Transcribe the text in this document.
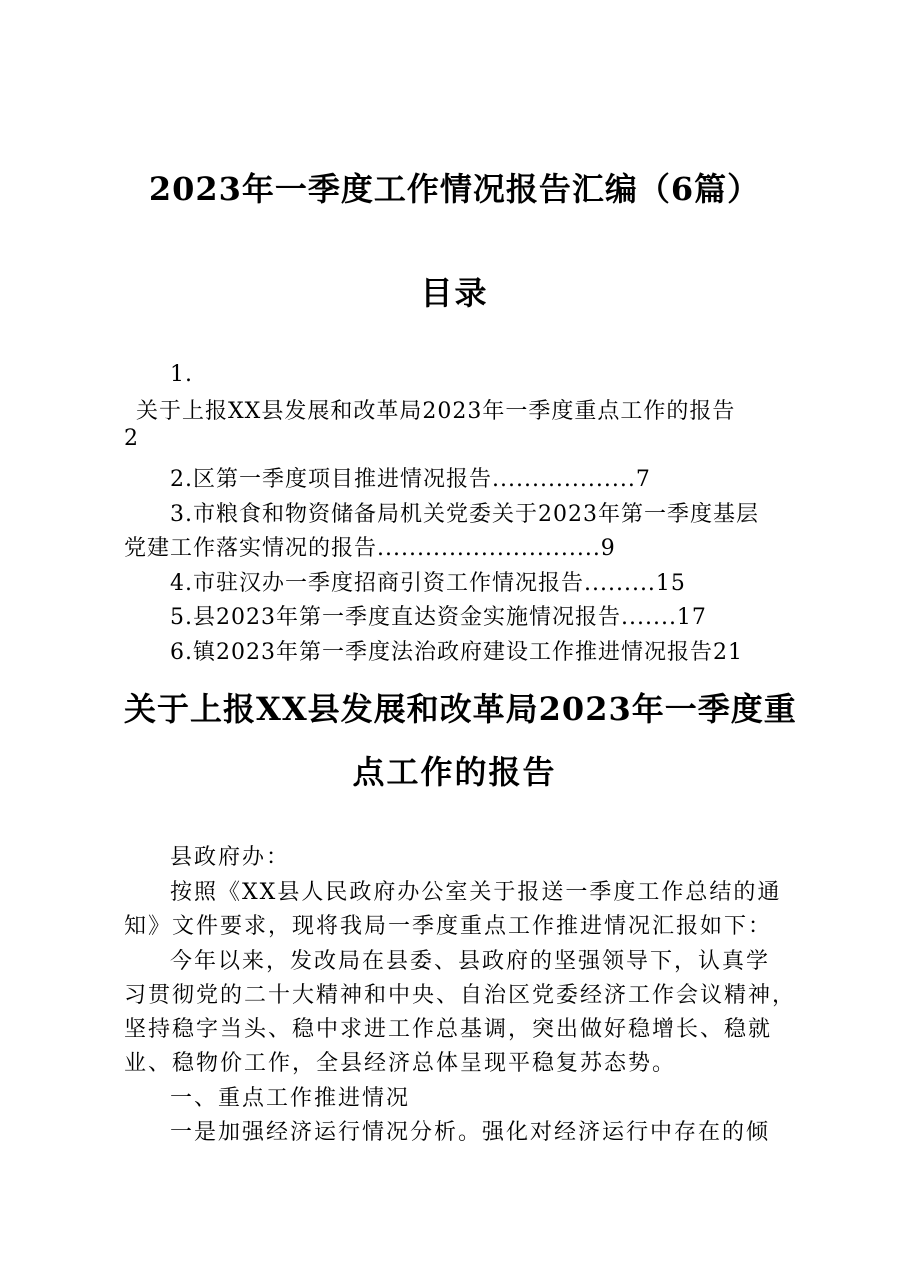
2023年一季度工作情况报告汇编（6篇）
目录
1.
关于上报XX县发展和改革局2023年一季度重点工作的报告
2
2.区第一季度项目推进情况报告..................7
3.市粮食和物资储备局机关党委关于2023年第一季度基层
党建工作落实情况的报告............................9
4.市驻汉办一季度招商引资工作情况报告.........15
5.县2023年第一季度直达资金实施情况报告.......17
6.镇2023年第一季度法治政府建设工作推进情况报告21
关于上报XX县发展和改革局2023年一季度重
点工作的报告
县政府办：
按照《XX县人民政府办公室关于报送一季度工作总结的通
知》文件要求，现将我局一季度重点工作推进情况汇报如下：
今年以来，发改局在县委、县政府的坚强领导下，认真学
习贯彻党的二十大精神和中央、自治区党委经济工作会议精神，
坚持稳字当头、稳中求进工作总基调，突出做好稳增长、稳就
业、稳物价工作，全县经济总体呈现平稳复苏态势。
一、重点工作推进情况
一是加强经济运行情况分析。强化对经济运行中存在的倾
